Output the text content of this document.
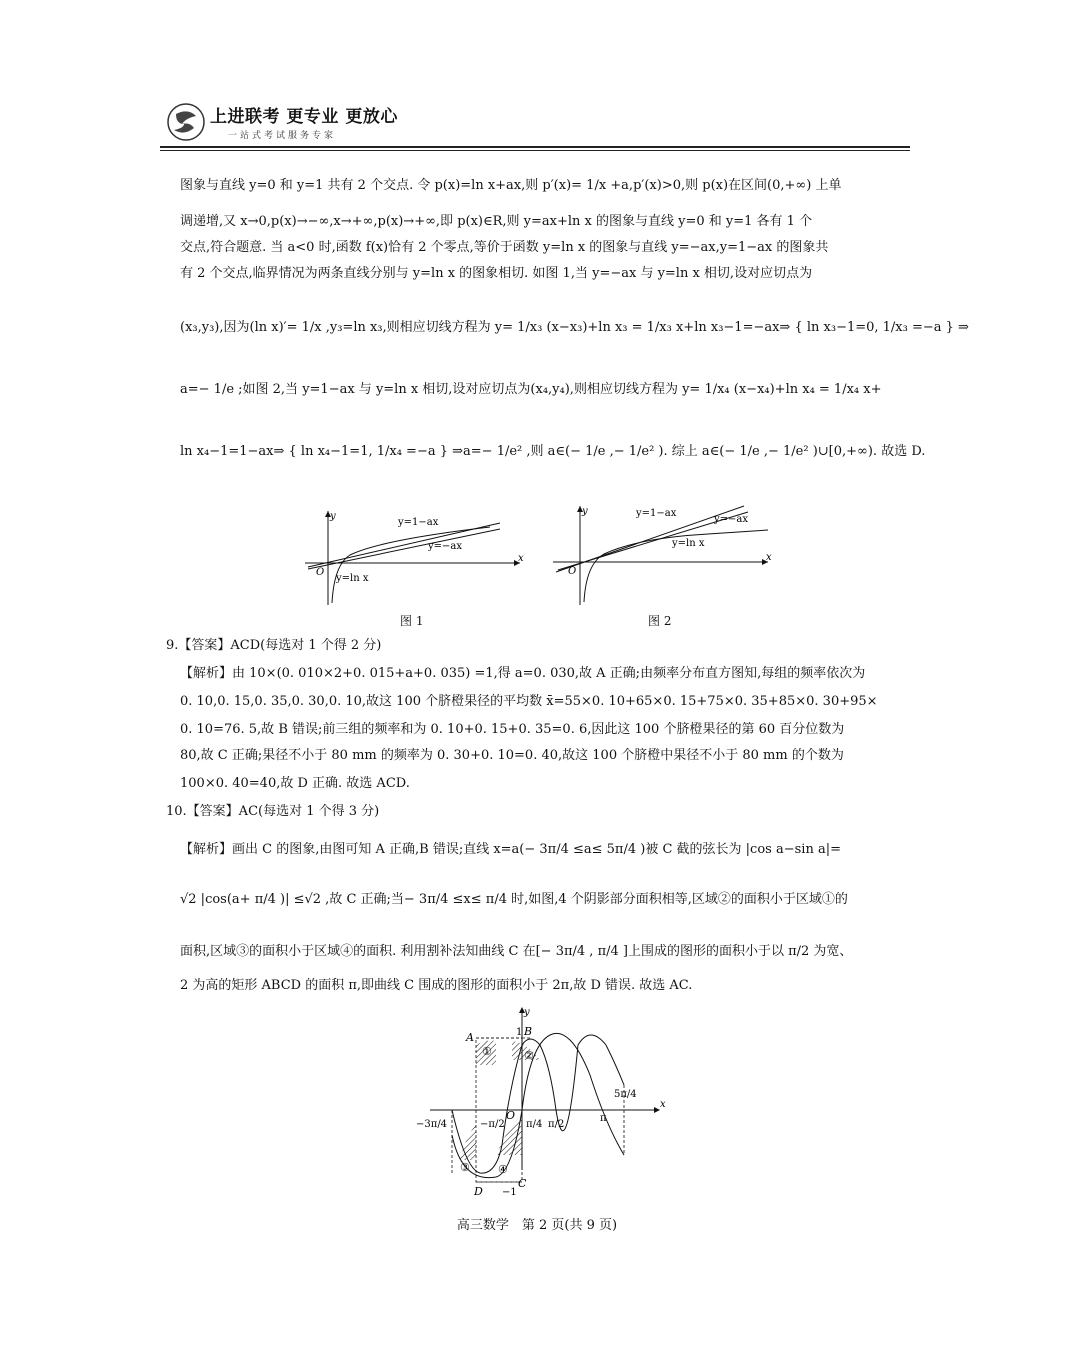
上进联考 更专业 更放心
一站式考试服务专家
图象与直线 y=0 和 y=1 共有 2 个交点. 令 p(x)=ln x+ax,则 p′(x)= 1/x +a,p′(x)>0,则 p(x)在区间(0,+∞) 上单
调递增,又 x→0,p(x)→−∞,x→+∞,p(x)→+∞,即 p(x)∈R,则 y=ax+ln x 的图象与直线 y=0 和 y=1 各有 1 个
交点,符合题意. 当 a<0 时,函数 f(x)恰有 2 个零点,等价于函数 y=ln x 的图象与直线 y=−ax,y=1−ax 的图象共
有 2 个交点,临界情况为两条直线分别与 y=ln x 的图象相切. 如图 1,当 y=−ax 与 y=ln x 相切,设对应切点为
(x₃,y₃),因为(ln x)′= 1/x ,y₃=ln x₃,则相应切线方程为 y= 1/x₃ (x−x₃)+ln x₃ = 1/x₃ x+ln x₃−1=−ax⇒ { ln x₃−1=0, 1/x₃ =−a } ⇒
a=− 1/e ;如图 2,当 y=1−ax 与 y=ln x 相切,设对应切点为(x₄,y₄),则相应切线方程为 y= 1/x₄ (x−x₄)+ln x₄ = 1/x₄ x+
ln x₄−1=1−ax⇒ { ln x₄−1=1, 1/x₄ =−a } ⇒a=− 1/e² ,则 a∈(− 1/e ,− 1/e² ). 综上 a∈(− 1/e ,− 1/e² )∪[0,+∞). 故选 D.
y
x
O
y=1−ax
y=−ax
y=ln x
图 1
y
x
O
y=1−ax
y=−ax
y=ln x
图 2
9.【答案】ACD(每选对 1 个得 2 分)
【解析】由 10×(0. 010×2+0. 015+a+0. 035) =1,得 a=0. 030,故 A 正确;由频率分布直方图知,每组的频率依次为
0. 10,0. 15,0. 35,0. 30,0. 10,故这 100 个脐橙果径的平均数 x̄=55×0. 10+65×0. 15+75×0. 35+85×0. 30+95×
0. 10=76. 5,故 B 错误;前三组的频率和为 0. 10+0. 15+0. 35=0. 6,因此这 100 个脐橙果径的第 60 百分位数为
80,故 C 正确;果径不小于 80 mm 的频率为 0. 30+0. 10=0. 40,故这 100 个脐橙中果径不小于 80 mm 的个数为
100×0. 40=40,故 D 正确. 故选 ACD.
10.【答案】AC(每选对 1 个得 3 分)
【解析】画出 C 的图象,由图可知 A 正确,B 错误;直线 x=a(− 3π/4 ≤a≤ 5π/4 )被 C 截的弦长为 |cos a−sin a|=
√2 |cos(a+ π/4 )| ≤√2 ,故 C 正确;当− 3π/4 ≤x≤ π/4 时,如图,4 个阴影部分面积相等,区域②的面积小于区域①的
面积,区域③的面积小于区域④的面积. 利用割补法知曲线 C 在[− 3π/4 , π/4 ]上围成的图形的面积小于以 π/2 为宽、
2 为高的矩形 ABCD 的面积 π,即曲线 C 围成的图形的面积小于 2π,故 D 错误. 故选 AC.
y
x
A	1 B
O
D −1
C
①	②
③	④
−3π/4	−π/2 π/4 π/2
π
5π/4
高三数学　第 2 页(共 9 页)
